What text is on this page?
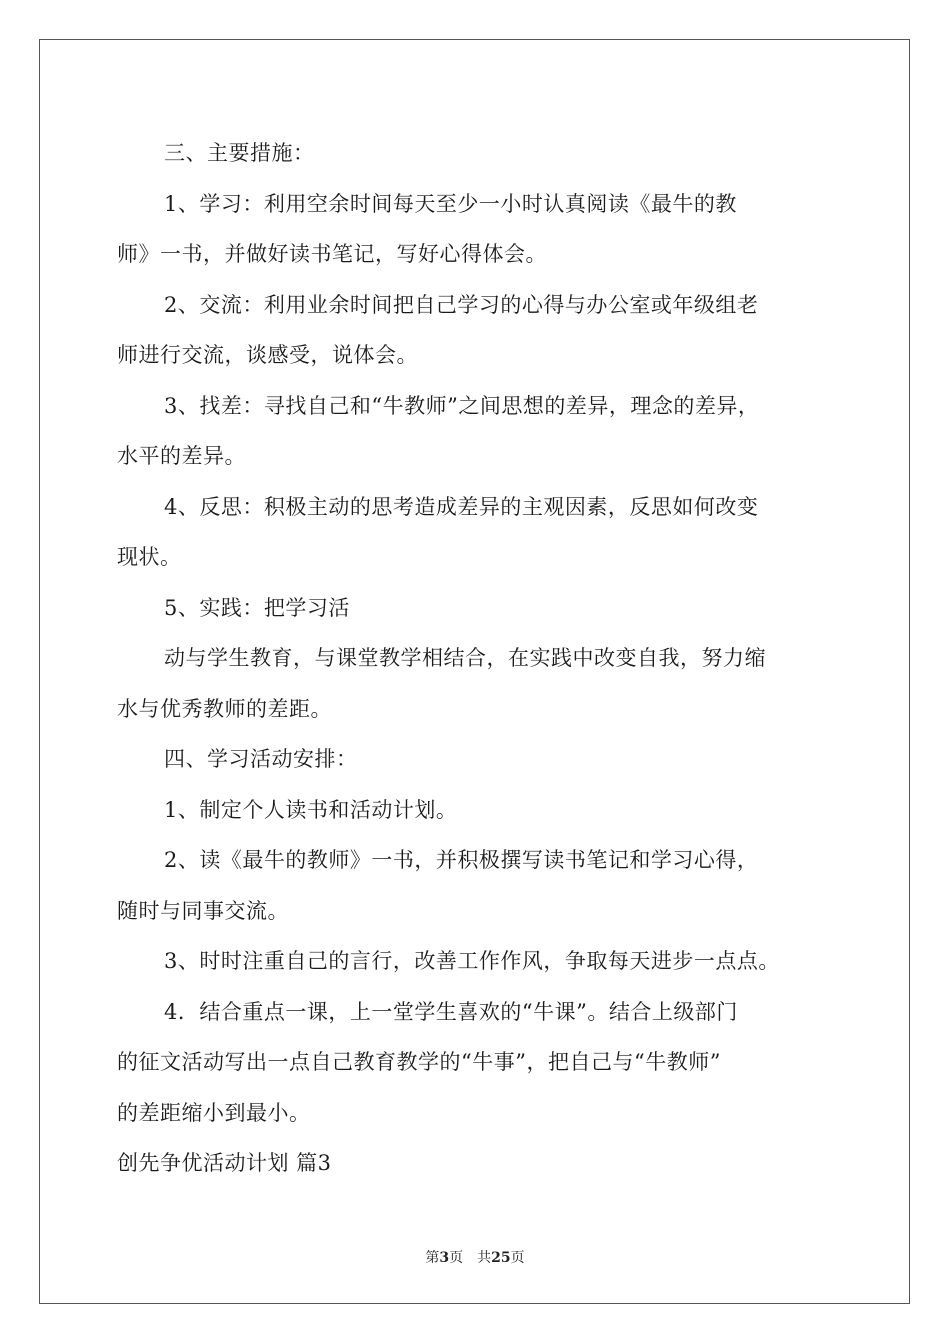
三、主要措施：
1、学习：利用空余时间每天至少一小时认真阅读《最牛的教
师》一书，并做好读书笔记，写好心得体会。
2、交流：利用业余时间把自己学习的心得与办公室或年级组老
师进行交流，谈感受，说体会。
3、找差：寻找自己和“牛教师”之间思想的差异，理念的差异，
水平的差异。
4、反思：积极主动的思考造成差异的主观因素，反思如何改变
现状。
5、实践：把学习活
动与学生教育，与课堂教学相结合，在实践中改变自我，努力缩
水与优秀教师的差距。
四、学习活动安排：
1、制定个人读书和活动计划。
2、读《最牛的教师》一书，并积极撰写读书笔记和学习心得，
随时与同事交流。
3、时时注重自己的言行，改善工作作风，争取每天进步一点点。
4．结合重点一课，上一堂学生喜欢的“牛课”。结合上级部门
的征文活动写出一点自己教育教学的“牛事”，把自己与“牛教师”
的差距缩小到最小。
创先争优活动计划 篇3
第3页 共25页
